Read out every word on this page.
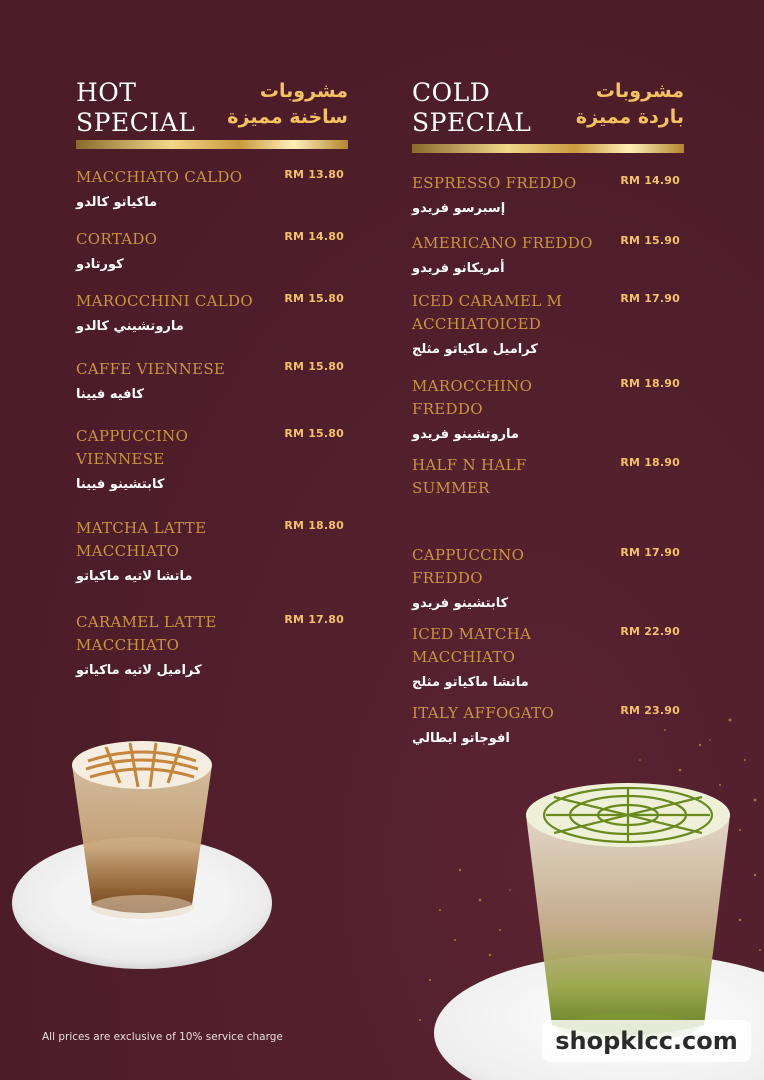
HOT
SPECIAL
مشروبات
ساخنة مميزة
MACCHIATO CALDO
ماكياتو كالدو
RM 13.80
CORTADO
كورتادو
RM 14.80
MAROCCHINI CALDO
ماروتشيني كالدو
RM 15.80
CAFFE VIENNESE
كافيه فيينا
RM 15.80
CAPPUCCINO VIENNESE
كابتشينو فيينا
RM 15.80
MATCHA LATTE MACCHIATO
ماتشا لاتيه ماكياتو
RM 18.80
CARAMEL LATTE MACCHIATO
كراميل لاتيه ماكياتو
RM 17.80
COLD
SPECIAL
مشروبات
باردة مميزة
ESPRESSO FREDDO
إسبرسو فريدو
RM 14.90
AMERICANO FREDDO
أمريكانو فريدو
RM 15.90
ICED CARAMEL MACCHIATOICED
كراميل ماكياتو مثلج
RM 17.90
MAROCCHINO FREDDO
ماروتشينو فريدو
RM 18.90
HALF N HALF SUMMER
RM 18.90
CAPPUCCINO FREDDO
كابتشينو فريدو
RM 17.90
ICED MATCHA MACCHIATO
ماتشا ماكياتو مثلج
RM 22.90
ITALY AFFOGATO
افوجاتو ايطالي
RM 23.90
All prices are exclusive of 10% service charge	shopklcc.com
